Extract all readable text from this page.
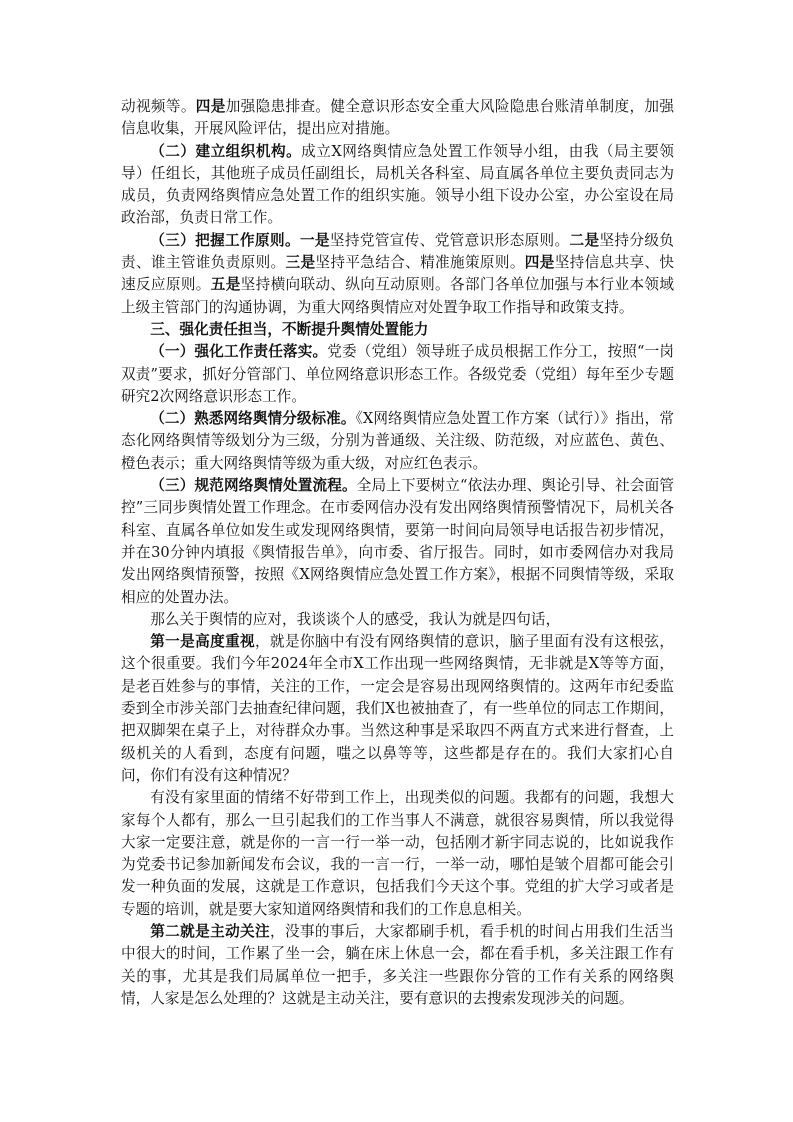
动视频等。四是加强隐患排查。健全意识形态安全重大风险隐患台账清单制度，加强信息收集，开展风险评估，提出应对措施。

（二）建立组织机构。成立X网络舆情应急处置工作领导小组，由我（局主要领导）任组长，其他班子成员任副组长，局机关各科室、局直属各单位主要负责同志为成员，负责网络舆情应急处置工作的组织实施。领导小组下设办公室，办公室设在局政治部，负责日常工作。

（三）把握工作原则。一是坚持党管宣传、党管意识形态原则。二是坚持分级负责、谁主管谁负责原则。三是坚持平急结合、精准施策原则。四是坚持信息共享、快速反应原则。五是坚持横向联动、纵向互动原则。各部门各单位加强与本行业本领域上级主管部门的沟通协调，为重大网络舆情应对处置争取工作指导和政策支持。

三、强化责任担当，不断提升舆情处置能力

（一）强化工作责任落实。党委（党组）领导班子成员根据工作分工，按照“一岗双责”要求，抓好分管部门、单位网络意识形态工作。各级党委（党组）每年至少专题研究2次网络意识形态工作。

（二）熟悉网络舆情分级标准。《X网络舆情应急处置工作方案（试行）》指出，常态化网络舆情等级划分为三级，分别为普通级、关注级、防范级，对应蓝色、黄色、橙色表示；重大网络舆情等级为重大级，对应红色表示。

（三）规范网络舆情处置流程。全局上下要树立“依法办理、舆论引导、社会面管控”三同步舆情处置工作理念。在市委网信办没有发出网络舆情预警情况下，局机关各科室、直属各单位如发生或发现网络舆情，要第一时间向局领导电话报告初步情况，并在30分钟内填报《舆情报告单》，向市委、省厅报告。同时，如市委网信办对我局发出网络舆情预警，按照《X网络舆情应急处置工作方案》，根据不同舆情等级，采取相应的处置办法。

那么关于舆情的应对，我谈谈个人的感受，我认为就是四句话，

第一是高度重视，就是你脑中有没有网络舆情的意识，脑子里面有没有这根弦，这个很重要。我们今年2024年全市X工作出现一些网络舆情，无非就是X等等方面，是老百姓参与的事情，关注的工作，一定会是容易出现网络舆情的。这两年市纪委监委到全市涉关部门去抽查纪律问题，我们X也被抽查了，有一些单位的同志工作期间，把双脚架在桌子上，对待群众办事。当然这种事是采取四不两直方式来进行督查，上级机关的人看到，态度有问题，嗤之以鼻等等，这些都是存在的。我们大家扪心自问，你们有没有这种情况？

有没有家里面的情绪不好带到工作上，出现类似的问题。我都有的问题，我想大家每个人都有，那么一旦引起我们的工作当事人不满意，就很容易舆情，所以我觉得大家一定要注意，就是你的一言一行一举一动，包括刚才新宇同志说的，比如说我作为党委书记参加新闻发布会议，我的一言一行，一举一动，哪怕是皱个眉都可能会引发一种负面的发展，这就是工作意识，包括我们今天这个事。党组的扩大学习或者是专题的培训，就是要大家知道网络舆情和我们的工作息息相关。

第二就是主动关注，没事的事后，大家都刷手机，看手机的时间占用我们生活当中很大的时间，工作累了坐一会，躺在床上休息一会，都在看手机，多关注跟工作有关的事，尤其是我们局属单位一把手，多关注一些跟你分管的工作有关系的网络舆情，人家是怎么处理的？这就是主动关注，要有意识的去搜索发现涉关的问题。
